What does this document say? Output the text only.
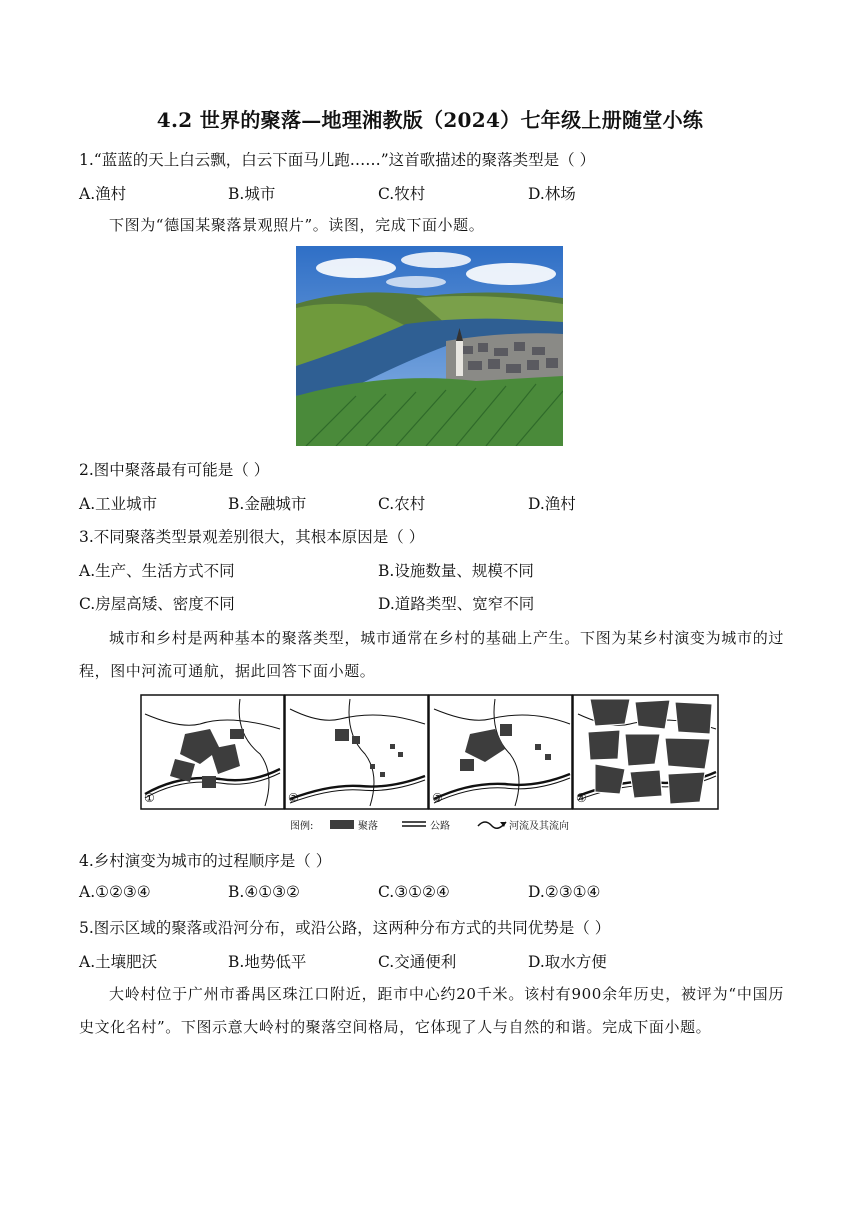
4.2 世界的聚落—地理湘教版（2024）七年级上册随堂小练
1.“蓝蓝的天上白云飘，白云下面马儿跑……”这首歌描述的聚落类型是（ ）
A.渔村	B.城市	C.牧村	D.林场
下图为“德国某聚落景观照片”。读图，完成下面小题。
2.图中聚落最有可能是（ ）
A.工业城市	B.金融城市	C.农村	D.渔村
3.不同聚落类型景观差别很大，其根本原因是（ ）
A.生产、生活方式不同	B.设施数量、规模不同
C.房屋高矮、密度不同	D.道路类型、宽窄不同
城市和乡村是两种基本的聚落类型，城市通常在乡村的基础上产生。下图为某乡村演变为城市的过程，图中河流可通航，据此回答下面小题。
①	②	③	④
图例:	聚落	公路	河流及其流向
4.乡村演变为城市的过程顺序是（ ）
A.①②③④	B.④①③②	C.③①②④	D.②③①④
5.图示区域的聚落或沿河分布，或沿公路，这两种分布方式的共同优势是（ ）
A.土壤肥沃	B.地势低平	C.交通便利	D.取水方便
大岭村位于广州市番禺区珠江口附近，距市中心约20千米。该村有900余年历史，被评为“中国历史文化名村”。下图示意大岭村的聚落空间格局，它体现了人与自然的和谐。完成下面小题。
